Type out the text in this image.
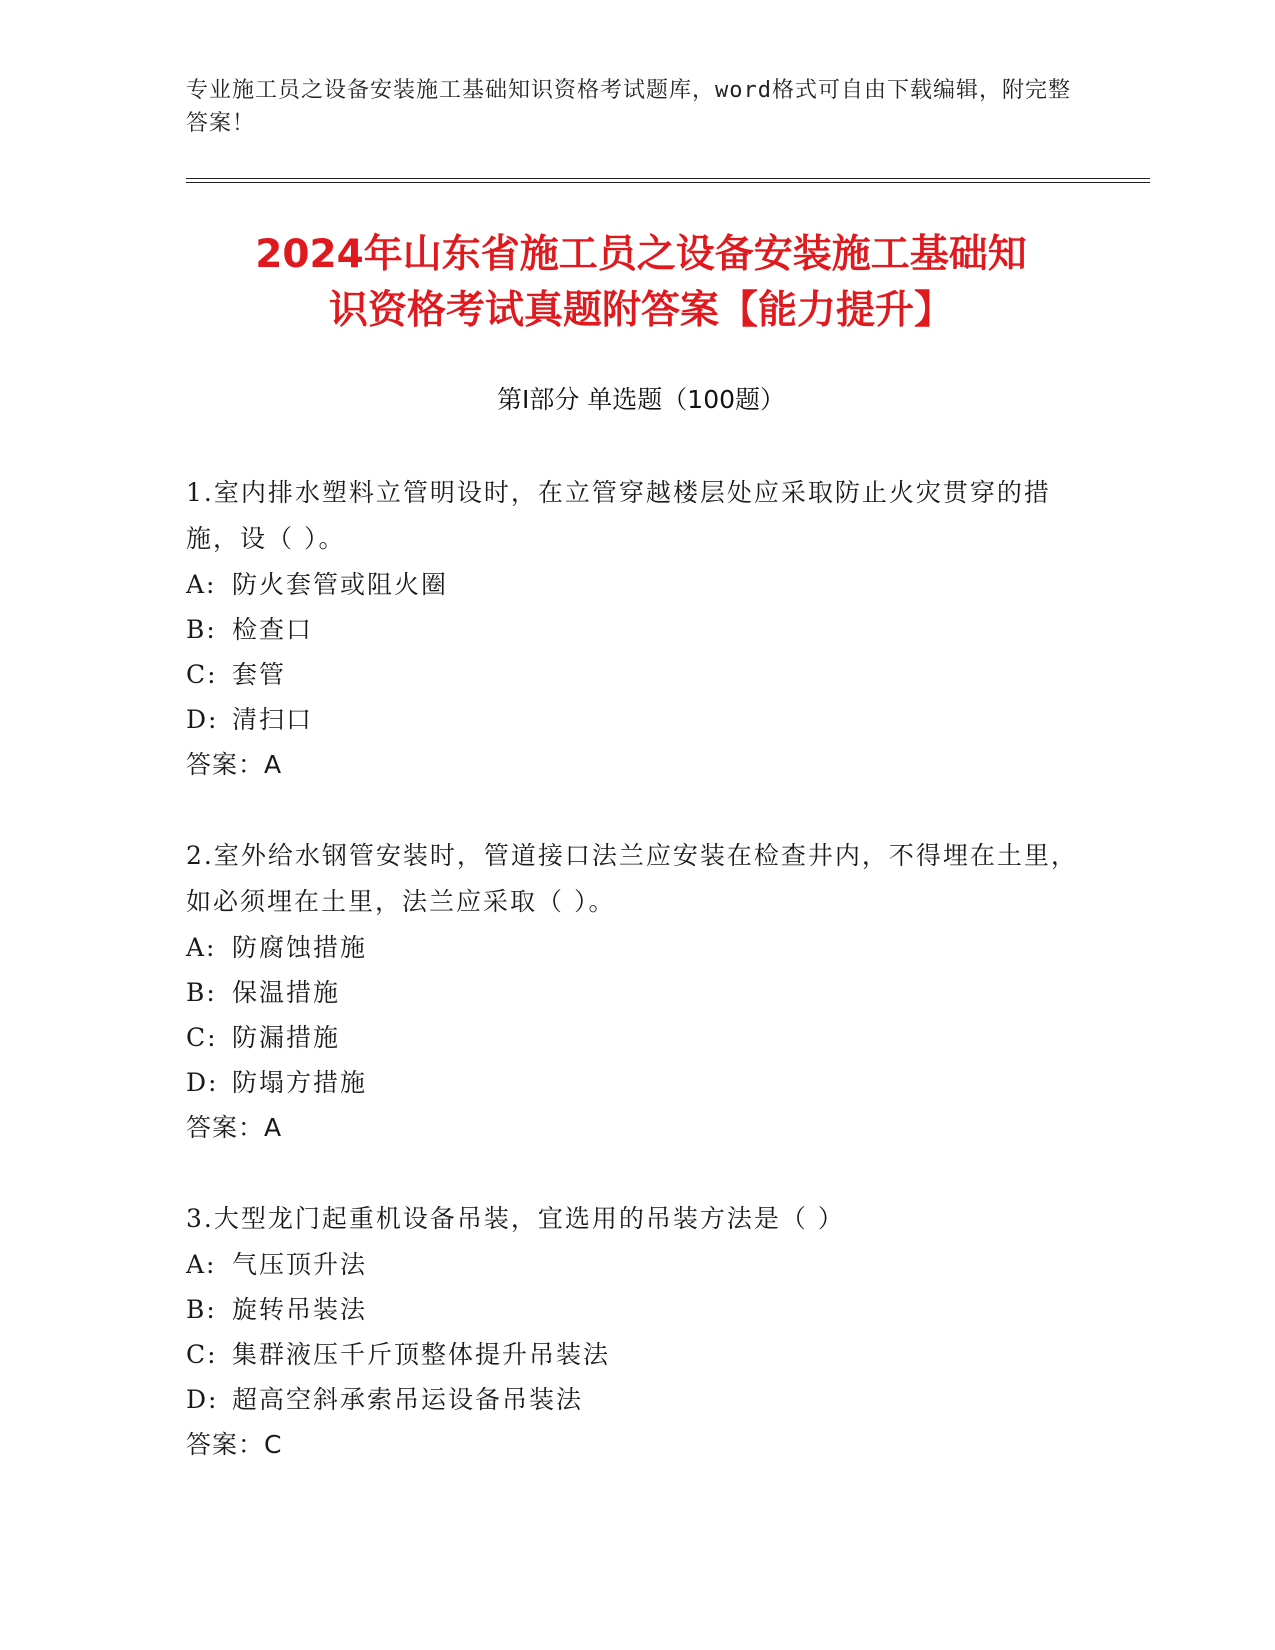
专业施工员之设备安装施工基础知识资格考试题库，word格式可自由下载编辑，附完整答案！
2024年山东省施工员之设备安装施工基础知
识资格考试真题附答案【能力提升】
第Ⅰ部分 单选题（100题）
1.室内排水塑料立管明设时，在立管穿越楼层处应采取防止火灾贯穿的措施，设（ ）。
A: 防火套管或阻火圈
B: 检查口
C: 套管
D: 清扫口
答案：A
2.室外给水钢管安装时，管道接口法兰应安装在检查井内，不得埋在土里，如必须埋在土里，法兰应采取（ ）。
A: 防腐蚀措施
B: 保温措施
C: 防漏措施
D: 防塌方措施
答案：A
3.大型龙门起重机设备吊装，宜选用的吊装方法是（ ）
A: 气压顶升法
B: 旋转吊装法
C: 集群液压千斤顶整体提升吊装法
D: 超高空斜承索吊运设备吊装法
答案：C
